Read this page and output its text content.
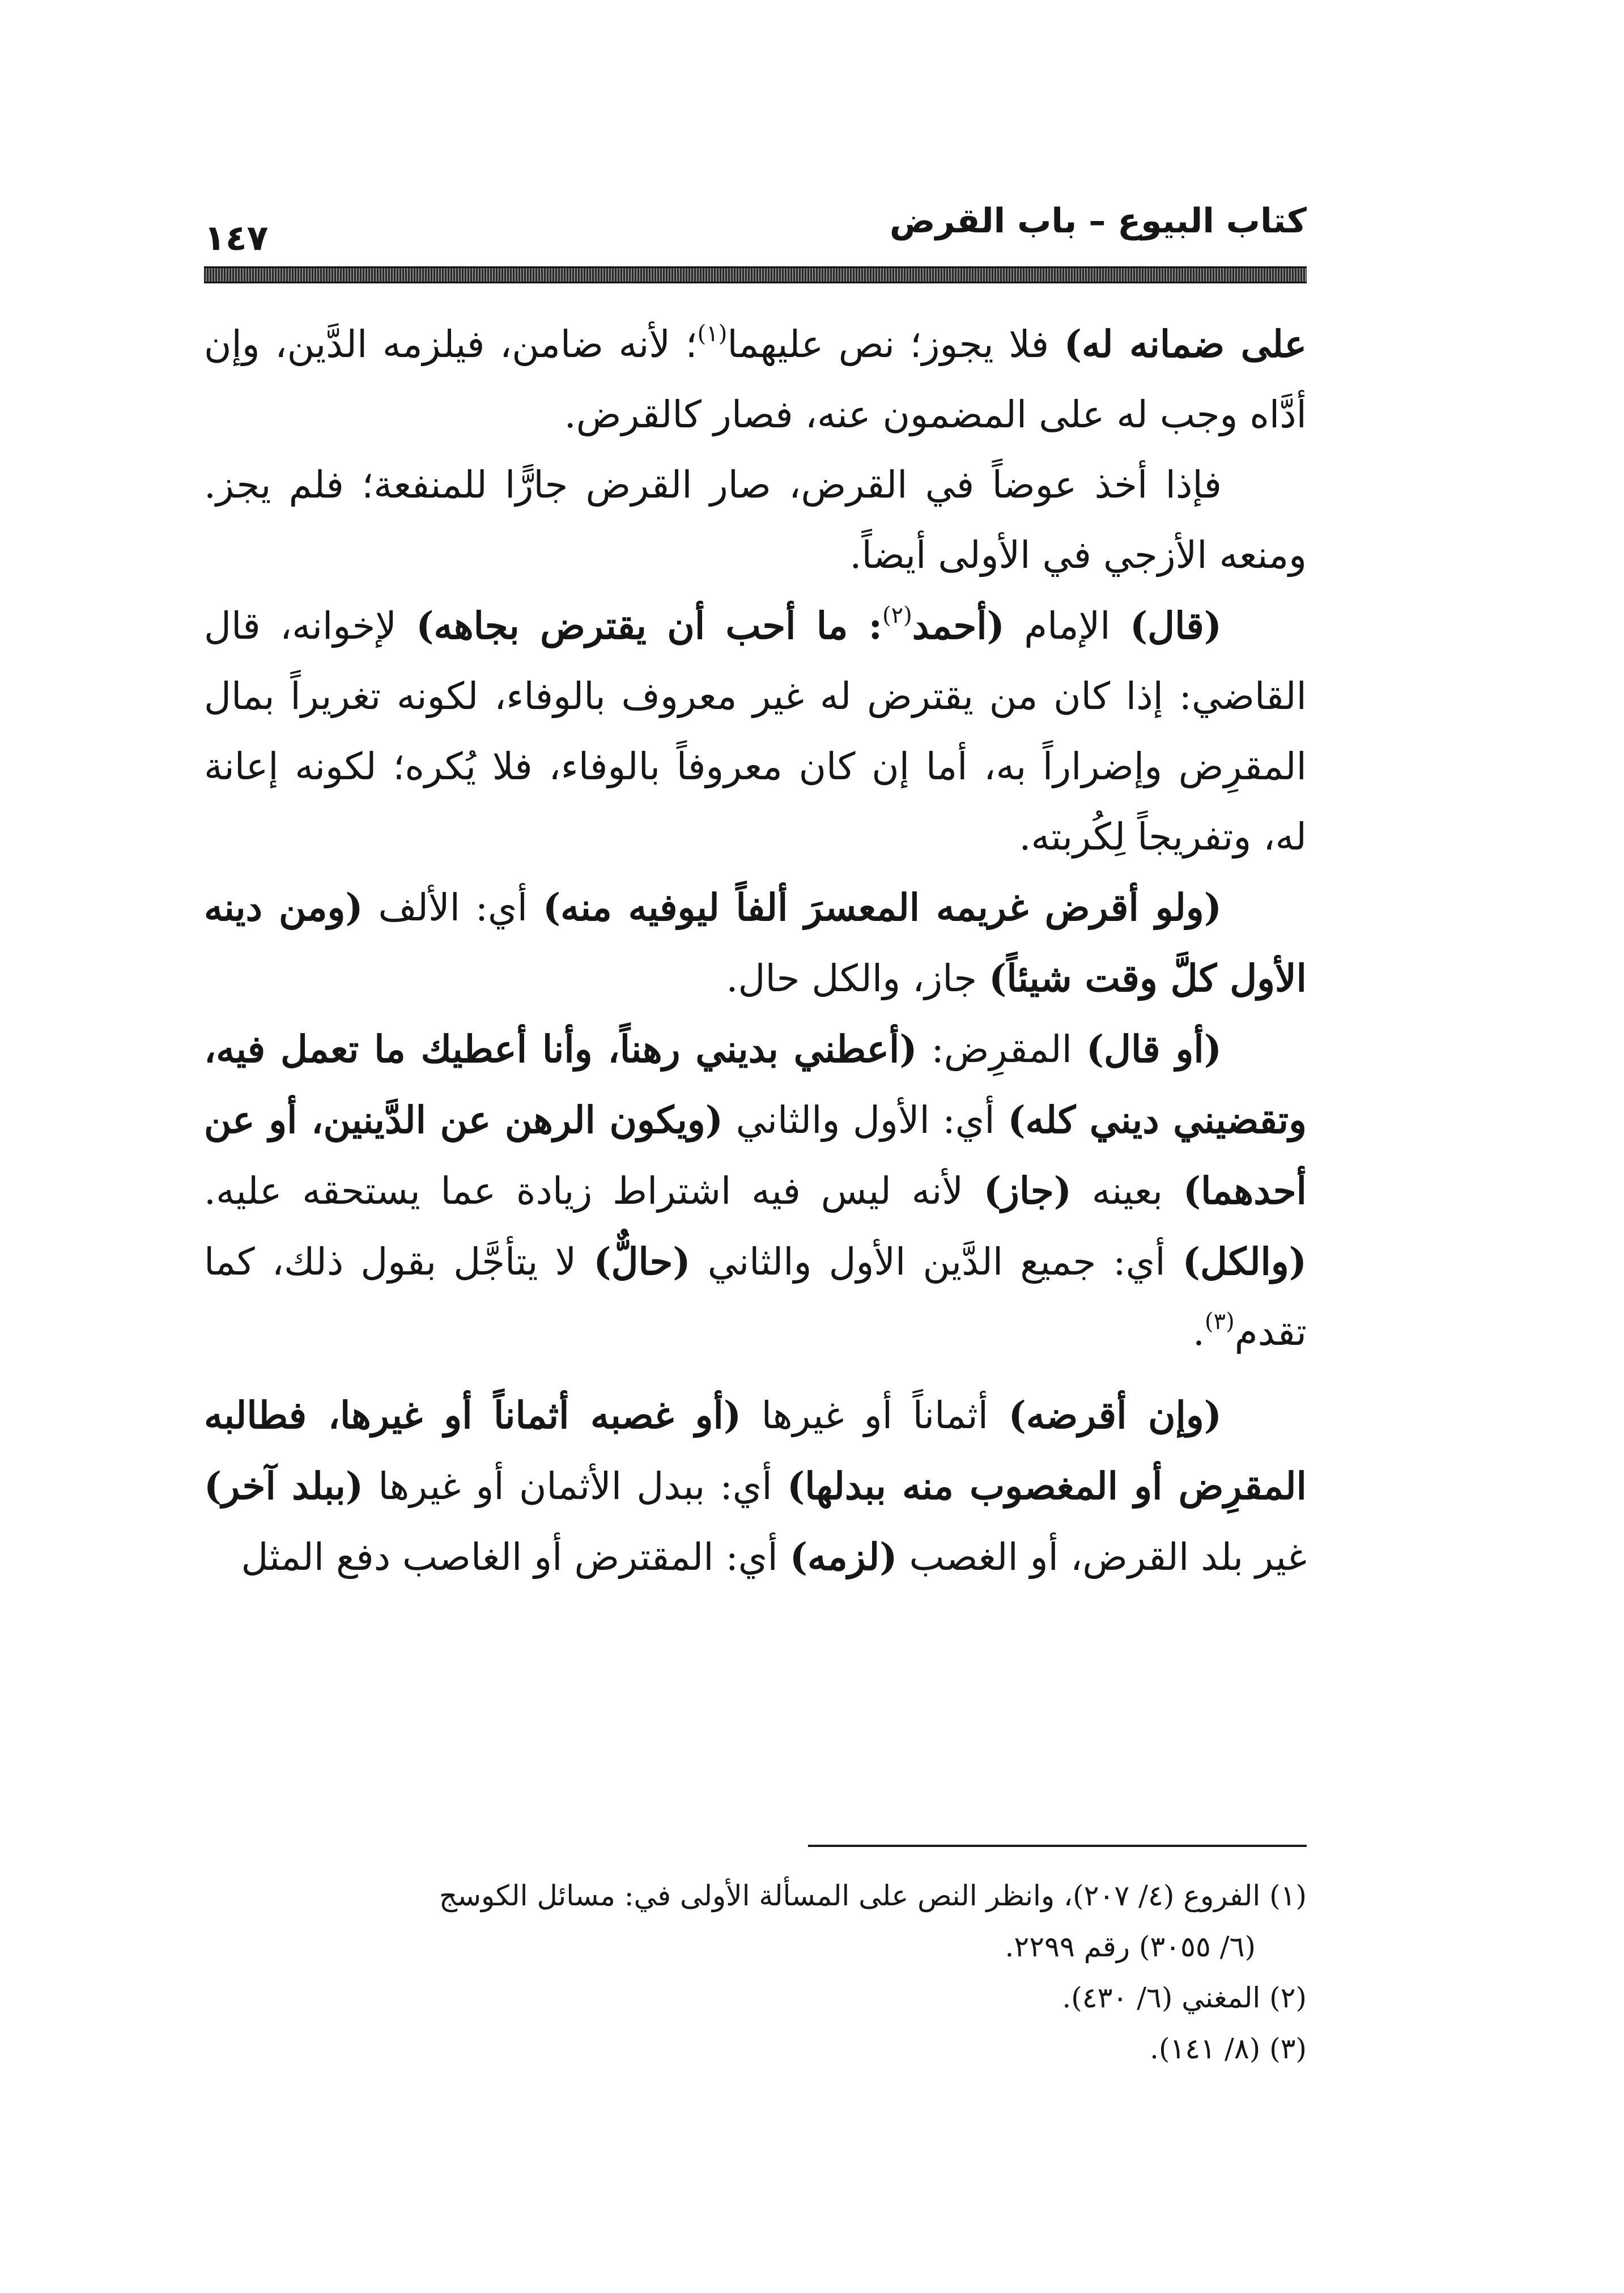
كتاب البيوع – باب القرض
١٤٧

على ضمانه له) فلا يجوز؛ نص عليهما$^{(١)}$؛ لأنه ضامن، فيلزمه الدَّين، وإن أدَّاه وجب له على المضمون عنه، فصار كالقرض.

فإذا أخذ عوضاً في القرض، صار القرض جارًّا للمنفعة؛ فلم يجز. ومنعه الأزجي في الأولى أيضاً.

(قال) الإمام (أحمد$^{(٢)}$: ما أحب أن يقترض بجاهه) لإخوانه، قال القاضي: إذا كان من يقترض له غير معروف بالوفاء، لكونه تغريراً بمال المقرِض وإضراراً به، أما إن كان معروفاً بالوفاء، فلا يُكره؛ لكونه إعانة له، وتفريجاً لِكُربته.

(ولو أقرض غريمه المعسرَ ألفاً ليوفيه منه) أي: الألف (ومن دينه الأول كلَّ وقت شيئاً) جاز، والكل حال.

(أو قال) المقرِض: (أعطني بديني رهناً، وأنا أعطيك ما تعمل فيه، وتقضيني ديني كله) أي: الأول والثاني (ويكون الرهن عن الدَّينين، أو عن أحدهما) بعينه (جاز) لأنه ليس فيه اشتراط زيادة عما يستحقه عليه. (والكل) أي: جميع الدَّين الأول والثاني (حالٌّ) لا يتأجَّل بقول ذلك، كما تقدم$^{(٣)}$.

(وإن أقرضه) أثماناً أو غيرها (أو غصبه أثماناً أو غيرها، فطالبه المقرِض أو المغصوب منه ببدلها) أي: ببدل الأثمان أو غيرها (ببلد آخر) غير بلد القرض، أو الغصب (لزمه) أي: المقترض أو الغاصب دفع المثل

(١) الفروع (٤/ ٢٠٧)، وانظر النص على المسألة الأولى في: مسائل الكوسج
(٦/ ٣٠٥٥) رقم ٢٢٩٩.

(٢) المغني (٦/ ٤٣٠).

(٣) (٨/ ١٤١).
